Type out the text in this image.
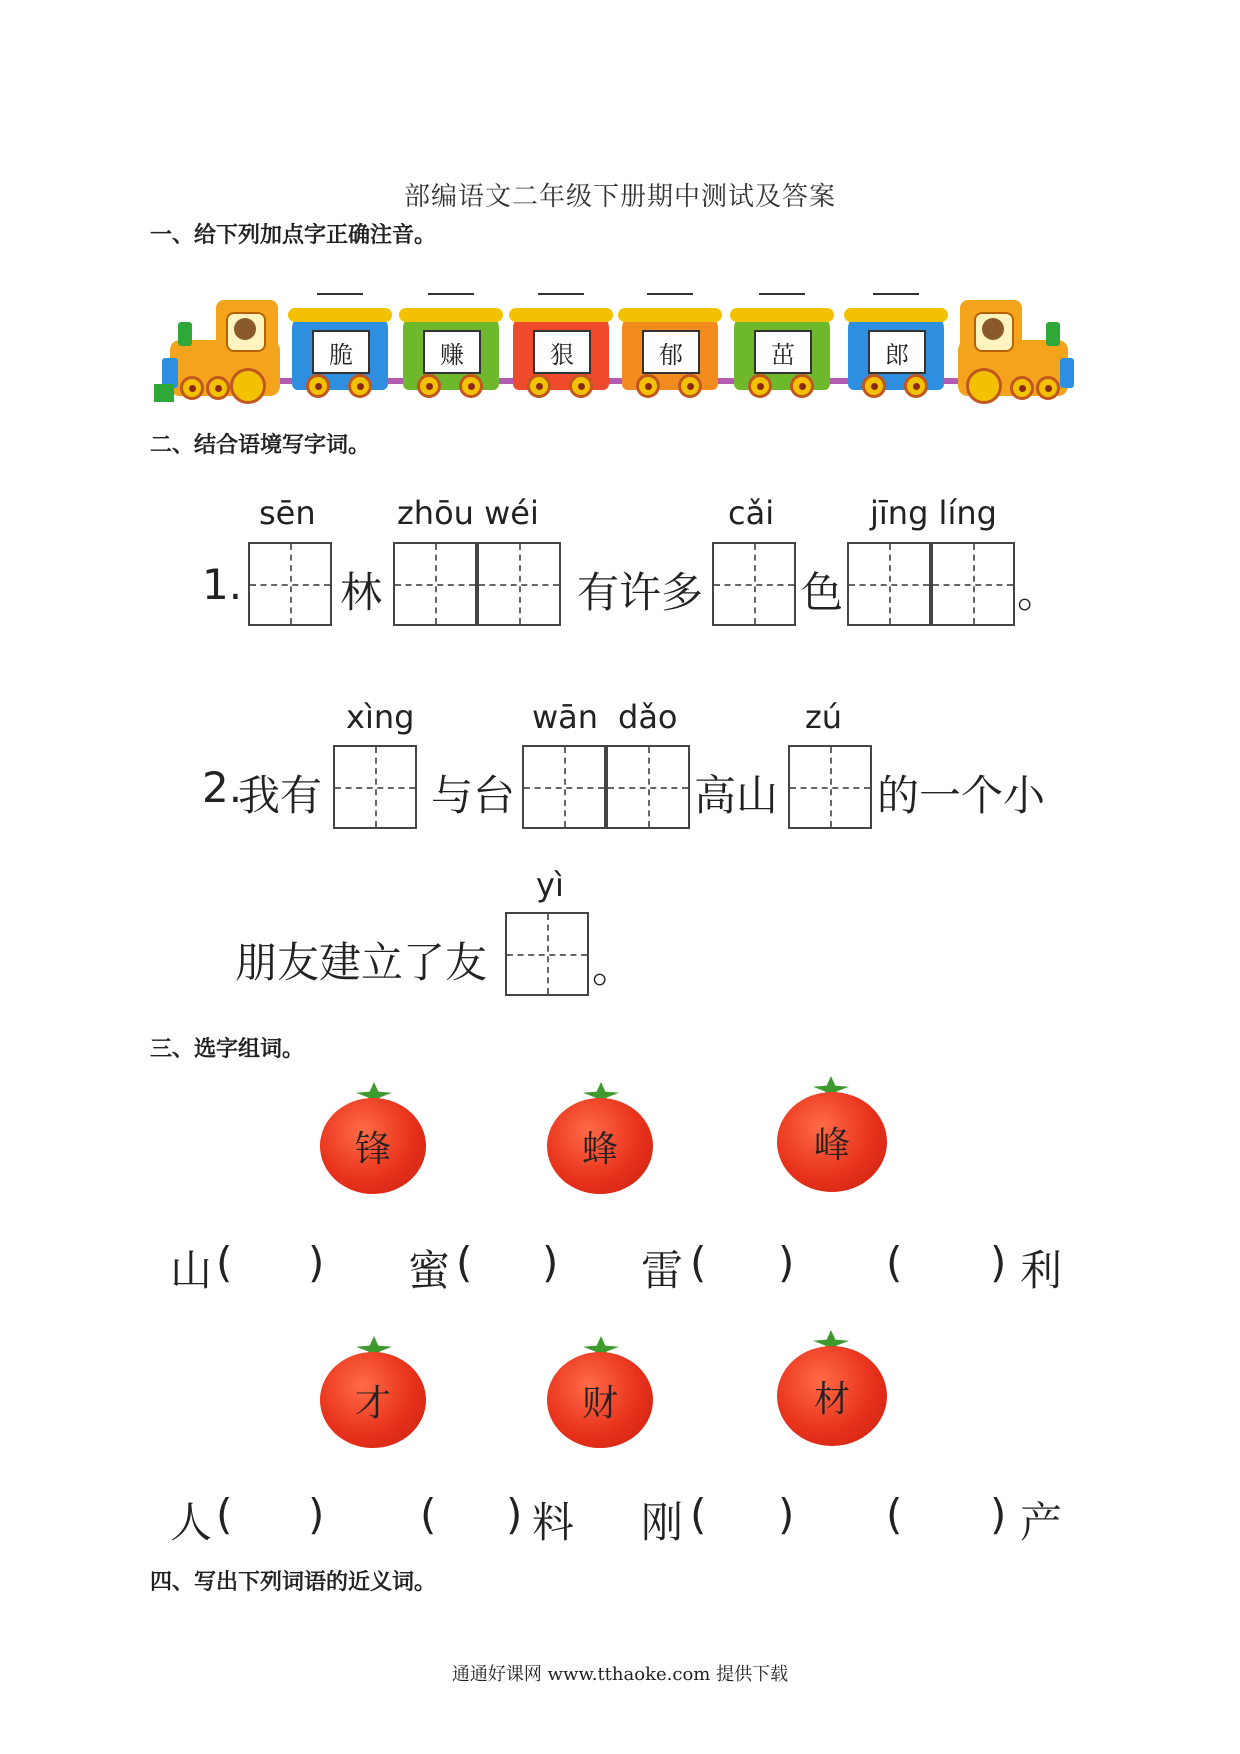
部编语文二年级下册期中测试及答案
一、给下列加点字正确注音。
脆	赚	狠	郁	茁	郎
二、结合语境写字词。
sēn	zhōu wéi	cǎi	jīng líng
1. 林	有许多 色	。
xìng	wān dǎo	zú
2.
我有	与台	高山 的一个小
yì
朋友建立了友 。
三、选字组词。
锋	蜂	峰
山 ( ) 蜜 ( ) 雷 ( ) ( ) 利
才	财	材
人 ( ) ( ) 料 刚 ( ) ( ) 产
四、写出下列词语的近义词。
通通好课网 www.tthaoke.com 提供下载
